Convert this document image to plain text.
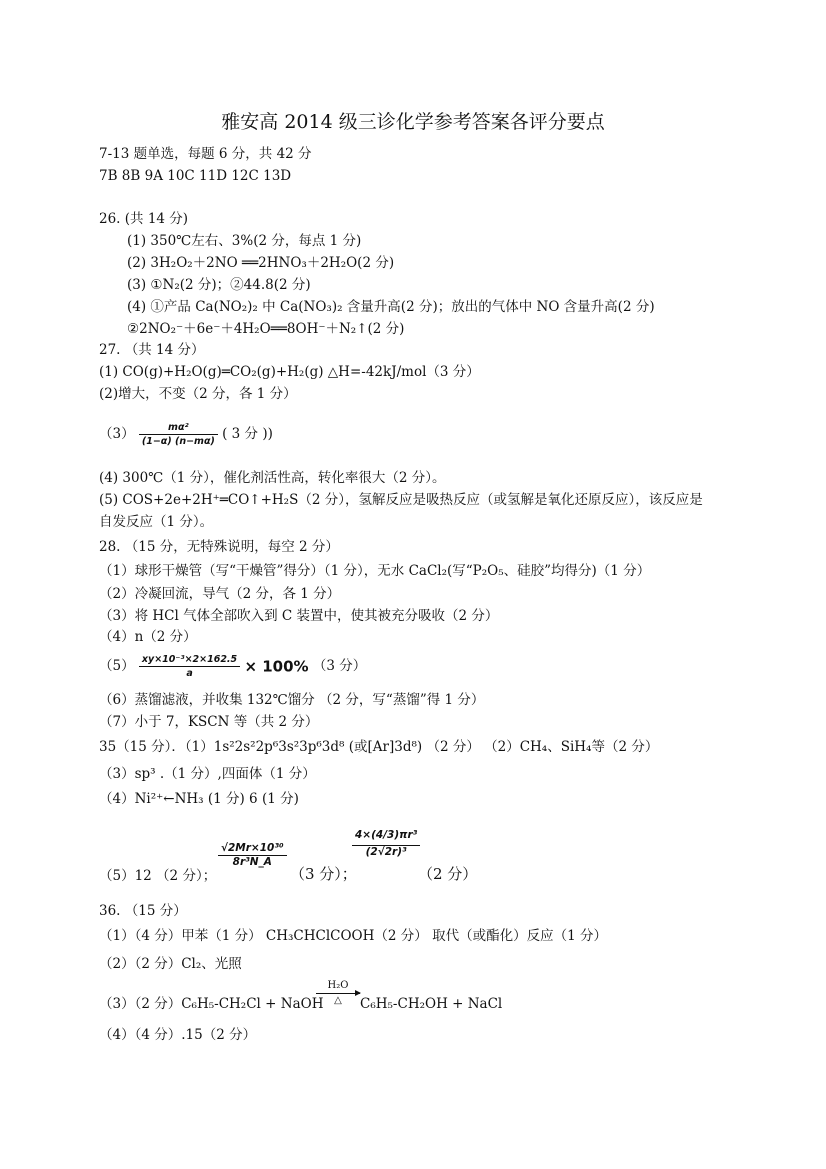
雅安高 2014 级三诊化学参考答案各评分要点
7-13 题单选，每题 6 分，共 42 分
7B 8B 9A 10C 11D 12C 13D
26. (共 14 分)
(1) 350℃左右、3%(2 分，每点 1 分)
(2) 3H₂O₂＋2NO ══2HNO₃＋2H₂O(2 分)
(3) ①N₂(2 分)；②44.8(2 分)
(4) ①产品 Ca(NO₂)₂ 中 Ca(NO₃)₂ 含量升高(2 分)；放出的气体中 NO 含量升高(2 分)
②2NO₂⁻＋6e⁻＋4H₂O══8OH⁻＋N₂↑(2 分)
27. （共 14 分）
(1) CO(g)+H₂O(g)═CO₂(g)+H₂(g) △H=-42kJ/mol（3 分）
(2)增大，不变（2 分，各 1 分）
$(3) \frac{\text{mα²}}{(1-\alpha) (n-m\alpha)}$ ( 3 分 ))
(4) 300℃（1 分），催化剂活性高，转化率很大（2 分）。
(5) COS+2e+2H⁺═CO↑+H₂S（2 分），氢解反应是吸热反应（或氢解是氧化还原反应），该反应是
自发反应（1 分）。
28. （15 分，无特殊说明，每空 2 分）
（1）球形干燥管（写“干燥管”得分）（1 分），无水 CaCl₂(写“P₂O₅、硅胶”均得分)（1 分）
（2）冷凝回流，导气（2 分，各 1 分）
（3）将 HCl 气体全部吹入到 C 装置中，使其被充分吸收（2 分）
（4）n（2 分）
$(5) \frac{\text{xy×10⁻³×2×162.5}}{a} \times 100\%$ （3 分）
（6）蒸馏滤液，并收集 132℃馏分 （2 分，写“蒸馏”得 1 分）
（7）小于 7，KSCN 等（共 2 分）
35（15 分）．（1）1s²2s²2p⁶3s²3p⁶3d⁸ (或[Ar]3d⁸) （2 分） （2）CH₄、SiH₄等（2 分）
（3）sp³ .（1 分）,四面体（1 分）
（4）Ni²⁺←NH₃ (1 分) 6 (1 分)
（5）12 （2 分）；
$\frac{\text{√2Mr×10³⁰}}{\text{8r³N\_A}}$
（3 分）；
$\frac{\text{4×(4/3)πr³}}{\text{(2√2r)³}}$
（2 分）
36. （15 分）
（1）（4 分）甲苯（1 分） CH₃CHClCOOH（2 分） 取代（或酯化）反应（1 分）
（2）（2 分）Cl₂、光照
（3）（2 分）C₆H₅-CH₂Cl + NaOH
H₂O
△	C₆H₅-CH₂OH + NaCl
（4）（4 分）.15（2 分）
